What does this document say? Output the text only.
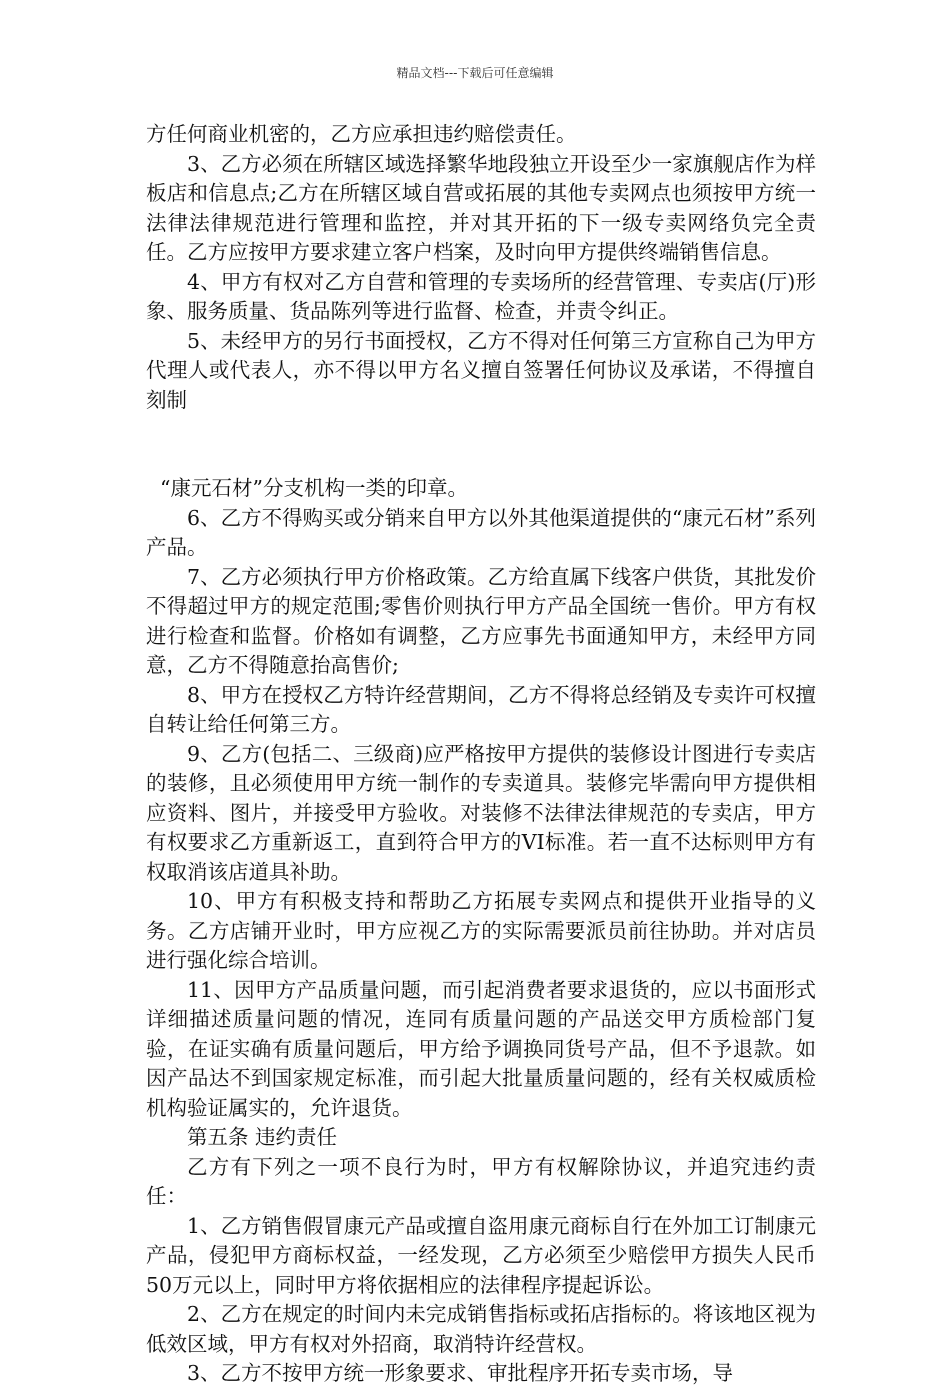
精品文档---下载后可任意编辑

方任何商业机密的，乙方应承担违约赔偿责任。

3、乙方必须在所辖区域选择繁华地段独立开设至少一家旗舰店作为样板店和信息点;乙方在所辖区域自营或拓展的其他专卖网点也须按甲方统一法律法律规范进行管理和监控，并对其开拓的下一级专卖网络负完全责任。乙方应按甲方要求建立客户档案，及时向甲方提供终端销售信息。

4、甲方有权对乙方自营和管理的专卖场所的经营管理、专卖店(厅)形象、服务质量、货品陈列等进行监督、检查，并责令纠正。

5、未经甲方的另行书面授权，乙方不得对任何第三方宣称自己为甲方代理人或代表人，亦不得以甲方名义擅自签署任何协议及承诺，不得擅自刻制

“康元石材”分支机构一类的印章。

6、乙方不得购买或分销来自甲方以外其他渠道提供的“康元石材”系列产品。

7、乙方必须执行甲方价格政策。乙方给直属下线客户供货，其批发价不得超过甲方的规定范围;零售价则执行甲方产品全国统一售价。甲方有权进行检查和监督。价格如有调整，乙方应事先书面通知甲方，未经甲方同意，乙方不得随意抬高售价;

8、甲方在授权乙方特许经营期间，乙方不得将总经销及专卖许可权擅自转让给任何第三方。

9、乙方(包括二、三级商)应严格按甲方提供的装修设计图进行专卖店的装修，且必须使用甲方统一制作的专卖道具。装修完毕需向甲方提供相应资料、图片，并接受甲方验收。对装修不法律法律规范的专卖店，甲方有权要求乙方重新返工，直到符合甲方的VI标准。若一直不达标则甲方有权取消该店道具补助。

10、甲方有积极支持和帮助乙方拓展专卖网点和提供开业指导的义务。乙方店铺开业时，甲方应视乙方的实际需要派员前往协助。并对店员进行强化综合培训。

11、因甲方产品质量问题，而引起消费者要求退货的，应以书面形式详细描述质量问题的情况，连同有质量问题的产品送交甲方质检部门复验，在证实确有质量问题后，甲方给予调换同货号产品，但不予退款。如因产品达不到国家规定标准，而引起大批量质量问题的，经有关权威质检机构验证属实的，允许退货。

第五条 违约责任

乙方有下列之一项不良行为时，甲方有权解除协议，并追究违约责任：

1、乙方销售假冒康元产品或擅自盗用康元商标自行在外加工订制康元产品，侵犯甲方商标权益，一经发现，乙方必须至少赔偿甲方损失人民币50万元以上，同时甲方将依据相应的法律程序提起诉讼。

2、乙方在规定的时间内未完成销售指标或拓店指标的。将该地区视为低效区域，甲方有权对外招商，取消特许经营权。

3、乙方不按甲方统一形象要求、审批程序开拓专卖市场，导
